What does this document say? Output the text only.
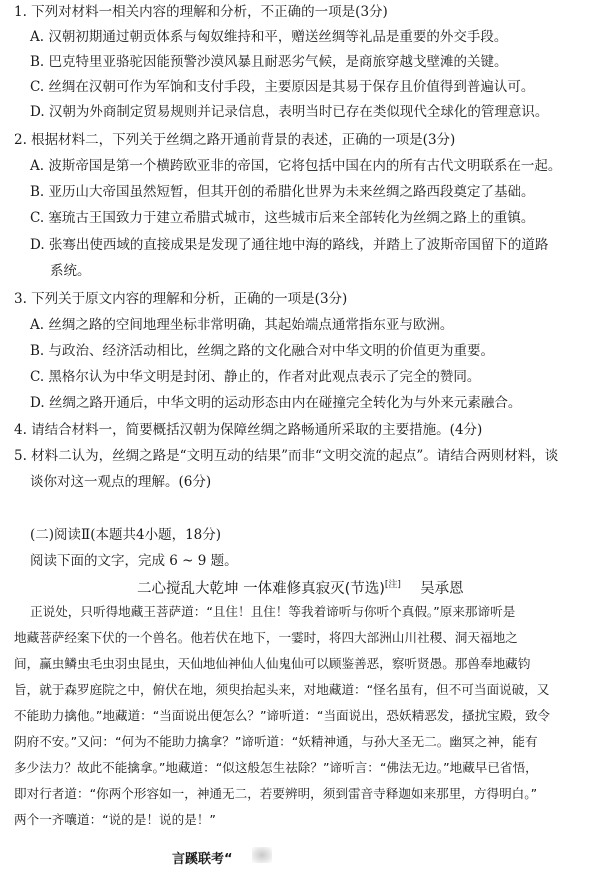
1. 下列对材料一相关内容的理解和分析，不正确的一项是(3分)
A. 汉朝初期通过朝贡体系与匈奴维持和平，赠送丝绸等礼品是重要的外交手段。
B. 巴克特里亚骆驼因能预警沙漠风暴且耐恶劣气候，是商旅穿越戈壁滩的关键。
C. 丝绸在汉朝可作为军饷和支付手段，主要原因是其易于保存且价值得到普遍认可。
D. 汉朝为外商制定贸易规则并记录信息，表明当时已存在类似现代全球化的管理意识。
2. 根据材料二，下列关于丝绸之路开通前背景的表述，正确的一项是(3分)
A. 波斯帝国是第一个横跨欧亚非的帝国，它将包括中国在内的所有古代文明联系在一起。
B. 亚历山大帝国虽然短暂，但其开创的希腊化世界为未来丝绸之路西段奠定了基础。
C. 塞琉古王国致力于建立希腊式城市，这些城市后来全部转化为丝绸之路上的重镇。
D. 张骞出使西域的直接成果是发现了通往地中海的路线，并踏上了波斯帝国留下的道路
系统。
3. 下列关于原文内容的理解和分析，正确的一项是(3分)
A. 丝绸之路的空间地理坐标非常明确，其起始端点通常指东亚与欧洲。
B. 与政治、经济活动相比，丝绸之路的文化融合对中华文明的价值更为重要。
C. 黑格尔认为中华文明是封闭、静止的，作者对此观点表示了完全的赞同。
D. 丝绸之路开通后，中华文明的运动形态由内在碰撞完全转化为与外来元素融合。
4. 请结合材料一，简要概括汉朝为保障丝绸之路畅通所采取的主要措施。(4分)
5. 材料二认为，丝绸之路是“文明互动的结果”而非“文明交流的起点”。请结合两则材料，谈
谈你对这一观点的理解。(6分)
(二)阅读Ⅱ(本题共4小题，18分)
阅读下面的文字，完成 6 ~ 9 题。
二心搅乱大乾坤 一体难修真寂灭(节选)[注] 吴承恩
正说处，只听得地藏王菩萨道：“且住！且住！等我着谛听与你听个真假。”原来那谛听是
地藏菩萨经案下伏的一个兽名。他若伏在地下，一霎时，将四大部洲山川社稷、洞天福地之
间，赢虫鳞虫毛虫羽虫昆虫，天仙地仙神仙人仙鬼仙可以顾鉴善恶，察听贤愚。那兽奉地藏钧
旨，就于森罗庭院之中，俯伏在地，须臾抬起头来，对地藏道：“怪名虽有，但不可当面说破，又
不能助力擒他。”地藏道：“当面说出便怎么？”谛听道：“当面说出，恐妖精恶发，搔扰宝殿，致令
阴府不安。”又问：“何为不能助力擒拿？”谛听道：“妖精神通，与孙大圣无二。幽冥之神，能有
多少法力？故此不能擒拿。”地藏道：“似这般怎生祛除？”谛听言：“佛法无边。”地藏早已省悟，
即对行者道：“你两个形容如一，神通无二，若要辨明，须到雷音寺释迦如来那里，方得明白。”
两个一齐嚷道：“说的是！说的是！”
言蹊联考“
